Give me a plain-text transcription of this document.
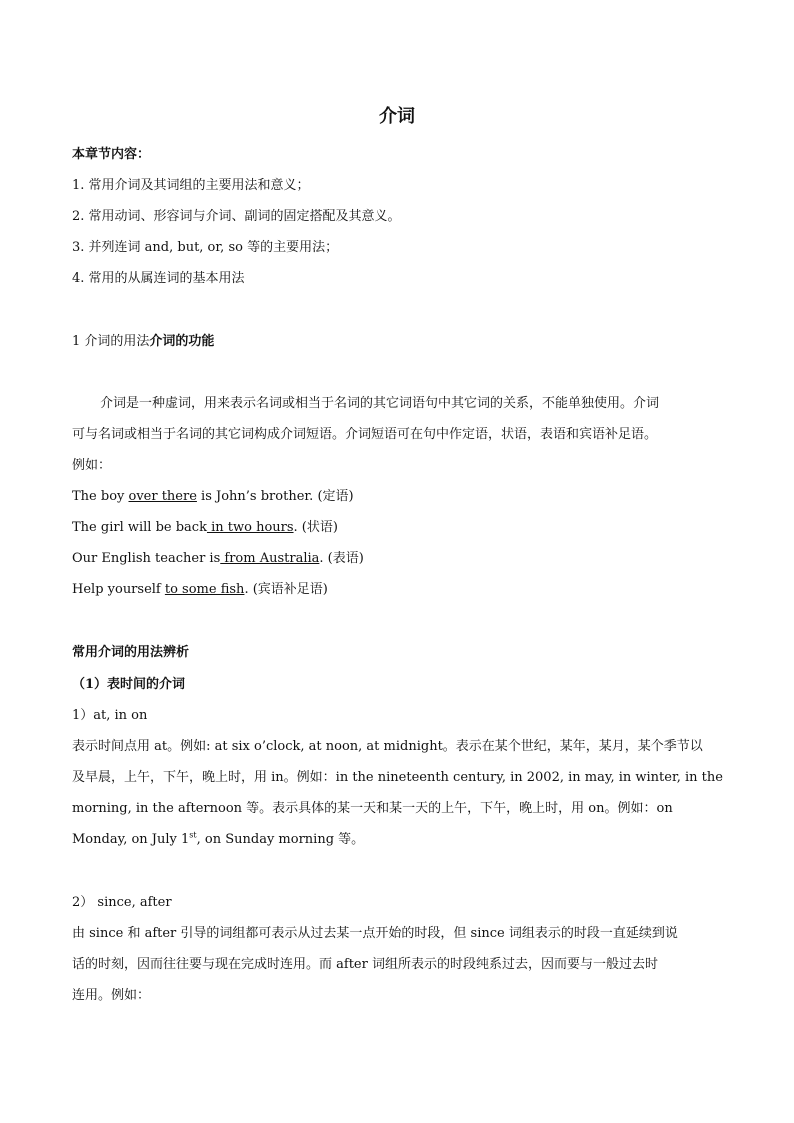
介词
本章节内容：
1. 常用介词及其词组的主要用法和意义；
2. 常用动词、形容词与介词、副词的固定搭配及其意义。
3. 并列连词 and, but, or, so 等的主要用法；
4. 常用的从属连词的基本用法
1 介词的用法介词的功能
介词是一种虚词，用来表示名词或相当于名词的其它词语句中其它词的关系，不能单独使用。介词
可与名词或相当于名词的其它词构成介词短语。介词短语可在句中作定语，状语，表语和宾语补足语。
例如：
The boy over there is John’s brother. (定语)
The girl will be back in two hours. (状语)
Our English teacher is from Australia. (表语)
Help yourself to some fish. (宾语补足语)
常用介词的用法辨析
（1）表时间的介词
1）at, in on
表示时间点用 at。例如: at six o’clock, at noon, at midnight。表示在某个世纪，某年，某月，某个季节以
及早晨，上午，下午，晚上时，用 in。例如：in the nineteenth century, in 2002, in may, in winter, in the
morning, in the afternoon 等。表示具体的某一天和某一天的上午，下午，晚上时，用 on。例如：on
Monday, on July 1st, on Sunday morning 等。
2） since, after
由 since 和 after 引导的词组都可表示从过去某一点开始的时段，但 since 词组表示的时段一直延续到说
话的时刻，因而往往要与现在完成时连用。而 after 词组所表示的时段纯系过去，因而要与一般过去时
连用。例如：
